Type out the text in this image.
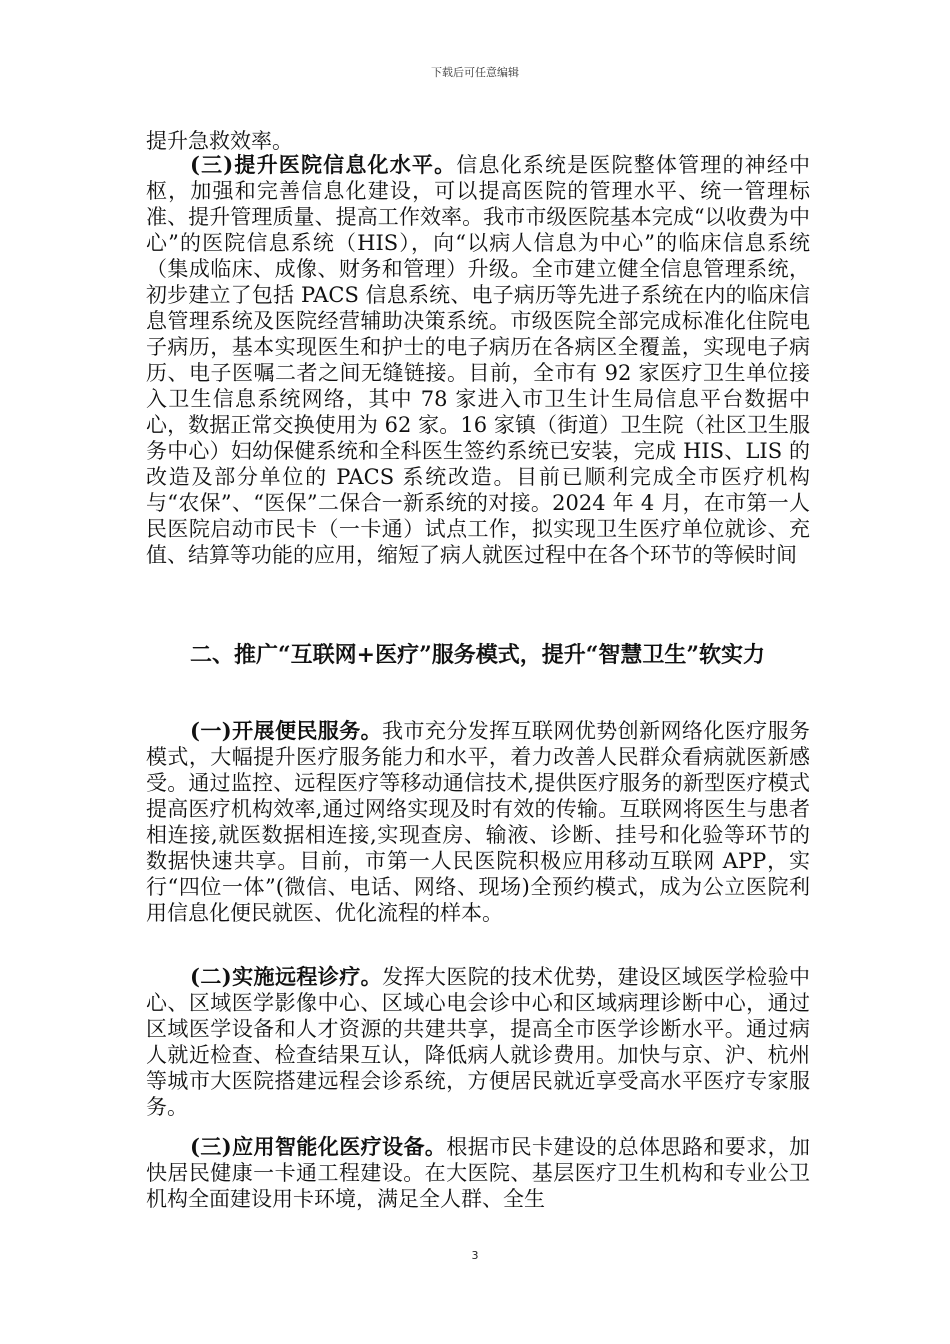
下载后可任意编辑

提升急救效率。

(三)提升医院信息化水平。信息化系统是医院整体管理的神经中枢，加强和完善信息化建设，可以提高医院的管理水平、统一管理标准、提升管理质量、提高工作效率。我市市级医院基本完成“以收费为中心”的医院信息系统（HIS），向“以病人信息为中心”的临床信息系统（集成临床、成像、财务和管理）升级。全市建立健全信息管理系统，初步建立了包括 PACS 信息系统、电子病历等先进子系统在内的临床信息管理系统及医院经营辅助决策系统。市级医院全部完成标准化住院电子病历，基本实现医生和护士的电子病历在各病区全覆盖，实现电子病历、电子医嘱二者之间无缝链接。目前，全市有 92 家医疗卫生单位接入卫生信息系统网络，其中 78 家进入市卫生计生局信息平台数据中心，数据正常交换使用为 62 家。16 家镇（街道）卫生院（社区卫生服务中心）妇幼保健系统和全科医生签约系统已安装，完成 HIS、LIS 的改造及部分单位的 PACS 系统改造。目前已顺利完成全市医疗机构与“农保”、“医保”二保合一新系统的对接。2024 年 4 月，在市第一人民医院启动市民卡（一卡通）试点工作，拟实现卫生医疗单位就诊、充值、结算等功能的应用，缩短了病人就医过程中在各个环节的等候时间

二、推广“互联网+医疗”服务模式，提升“智慧卫生”软实力

(一)开展便民服务。我市充分发挥互联网优势创新网络化医疗服务模式，大幅提升医疗服务能力和水平，着力改善人民群众看病就医新感受。通过监控、远程医疗等移动通信技术,提供医疗服务的新型医疗模式提高医疗机构效率,通过网络实现及时有效的传输。互联网将医生与患者相连接,就医数据相连接,实现查房、输液、诊断、挂号和化验等环节的数据快速共享。目前，市第一人民医院积极应用移动互联网 APP，实行“四位一体”(微信、电话、网络、现场)全预约模式，成为公立医院利用信息化便民就医、优化流程的样本。

(二)实施远程诊疗。发挥大医院的技术优势，建设区域医学检验中心、区域医学影像中心、区域心电会诊中心和区域病理诊断中心，通过区域医学设备和人才资源的共建共享，提高全市医学诊断水平。通过病人就近检查、检查结果互认，降低病人就诊费用。加快与京、沪、杭州等城市大医院搭建远程会诊系统，方便居民就近享受高水平医疗专家服务。

(三)应用智能化医疗设备。根据市民卡建设的总体思路和要求，加快居民健康一卡通工程建设。在大医院、基层医疗卫生机构和专业公卫机构全面建设用卡环境，满足全人群、全生

3
